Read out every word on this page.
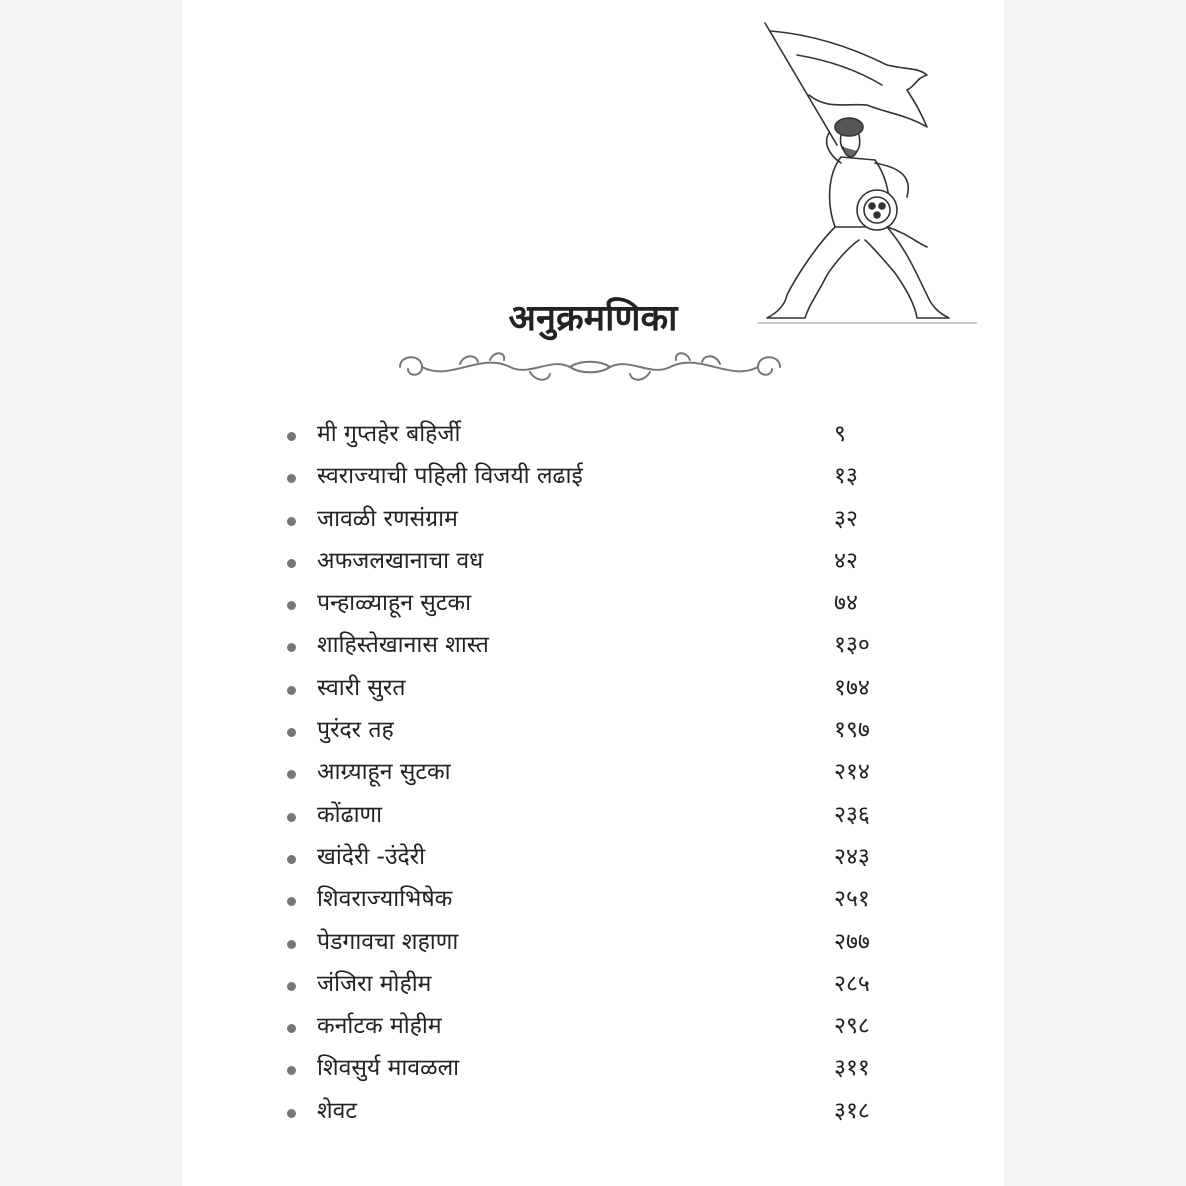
अनुक्रमणिका
मी गुप्तहेर बहिर्जी	९
स्वराज्याची पहिली विजयी लढाई	१३
जावळी रणसंग्राम	३२
अफजलखानाचा वध	४२
पन्हाळ्याहून सुटका	७४
शाहिस्तेखानास शास्त	१३०
स्वारी सुरत	१७४
पुरंदर तह	१९७
आग्र्याहून सुटका	२१४
कोंढाणा	२३६
खांदेरी -उंदेरी	२४३
शिवराज्याभिषेक	२५१
पेडगावचा शहाणा	२७७
जंजिरा मोहीम	२८५
कर्नाटक मोहीम	२९८
शिवसुर्य मावळला	३११
शेवट	३१८
